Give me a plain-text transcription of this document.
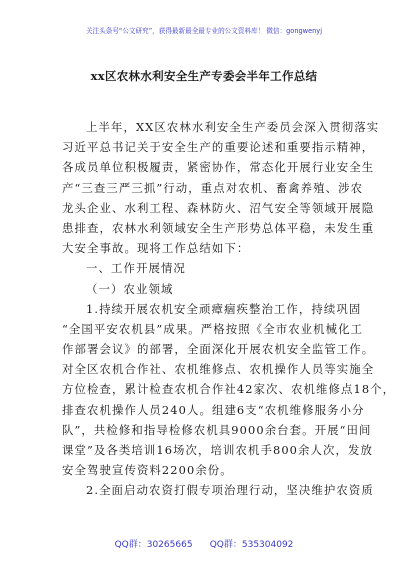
关注头条号“公文研究”，获得最新最全最专业的公文资料库！ 微信：gongwenyj
xx区农林水利安全生产专委会半年工作总结
上半年，XX区农林水利安全生产委员会深入贯彻落实
习近平总书记关于安全生产的重要论述和重要指示精神，
各成员单位积极履责，紧密协作，常态化开展行业安全生
产“三查三严三抓”行动，重点对农机、畜禽养殖、涉农
龙头企业、水利工程、森林防火、沼气安全等领域开展隐
患排查，农林水利领域安全生产形势总体平稳，未发生重
大安全事故。现将工作总结如下：
一、工作开展情况
（一）农业领域
1.持续开展农机安全顽瘴痼疾整治工作，持续巩固
“全国平安农机县”成果。严格按照《全市农业机械化工
作部署会议》的部署，全面深化开展农机安全监管工作。
对全区农机合作社、农机维修点、农机操作人员等实施全
方位检查，累计检查农机合作社42家次、农机维修点18个，
排查农机操作人员240人。组建6支“农机维修服务小分
队”，共检修和指导检修农机具9000余台套。开展“田间
课堂”及各类培训16场次，培训农机手800余人次，发放
安全驾驶宣传资料2200余份。
2.全面启动农资打假专项治理行动，坚决维护农资质
QQ群：30265665      QQ群：535304092
